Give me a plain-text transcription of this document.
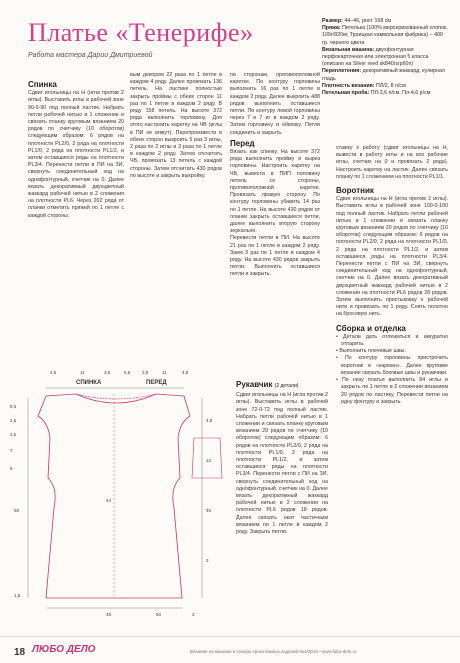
Платье «Тенерифе»
Работа мастера Дарии Дмитриевой
Размер: 44–46, рост 168 см
Пряжа: Петелька (100% мерсеризованный хлопок, 100г/820м; Троицкая камвольная фабрика) – 400 гр. черного цвета
Вязальная машина: двухфонтурная перфокарточная или электронная 5 класса (описано на Silver reed sk840/srp60n)
Переплетения: декоративный жаккард, кулирная гладь
Плотность вязания: ПЛ/2, 8 п/см
Петельная проба: ПЛ-3,6 п/см, Пл-4,6 р/см
Спинка
Сдвиг игольницы на Н (игла против 2 иглы). Выставить иглы в рабочей зоне 90-0-90 под полный ластик. Набрать петли рабочей нитью в 1 сложение и связать планку круговым вязанием 20 рядов по счетчику (10 оборотов) следующим образом: 6 рядов на плотности PL2/0, 2 ряда на плотности PL1/0, 2 ряда на плотности PL1/2, и затем оставшиеся ряды на плотности PL3/4. Перенести петли в ПИ на ЗИ, свернуть соединительный ход на однофонтурный, счетчик на 0. Далее вязать декоративный двухцветный жаккард рабочей нитью в 2 сложения на плотности PL6. Через 202 ряда от планки отметить пряжей по 1 петле с каждой стороны.
вым декором 22 раза по 1 петле в каждом 4 ряду. Далее провязать 136 петель. На ластике полностью закрыть проймы с обеих сторон 11 раз по 1 петле в каждом 2 ряду. В ряду 158 петель. На высоте 372 ряда выполнить горловину. Для этого настроить каретку на ЧВ (иглы в ПИ не вяжут). Перепроизвести в обеих сторон выкроить 5 раз 3 иглы, 2 раза по 2 иглы и 3 раза по 1 петле в каждом 2 ряду. Затем отсчитать ЧВ, провязать 13 петель с каждой стороны. Затем отсчитать 430 рядов по высоте и закрыть выкройку.
по сторонам, противоположной каретке. По контуру горловины выполнить 16 раз по 1 петле в каждом 2 ряду. Далее выкроить 488 рядов выполнить оставшиеся петли. По контуру левой горловины через 7 и 7 иг в каждом 2 ряду. Затем горловину и обвязку. Петли соединить и закрыть.
Перед
Вязать как спинку. На высоте 372 ряда выполнить пройму и вырез горловины. Настроить каретку на ЧВ, вывести в ПИП половину петель со стороны, противоположной каретке. Провязать правую сторону. По контуру горловины убавить 14 раз по 1 петле. На высоте 430 рядов от планки закрыть оставшиеся петли, далее выполнить вторую сторону зеркально.
Перевести петли в ПИ. На высоте 21 раз по 1 петле в каждом 2 ряду. Заем 3 раз по 1 петле в каждом 4 ряду. На высоте 430 рядов закрыть петли. Выполнить оставшиеся петли и закрыть.
Рукавчик (2 детали)
Сдвиг игольницы на Н (игла против 2 иглы). Выставить иглы в рабочей зоне 72-0-72 под полный ластик. Набрать петли рабочей нитью в 1 сложении и связать планку круговым вязанием 20 рядов по счетчику (10 оборотов) следующим образом: 6 рядов на плотности PL2/0, 2 ряда на плотности PL1/0, 2 ряда на плотности PL1/2, и затем оставшиеся ряды на плотности PL3/4. Перенести петли с ПИ на ЗИ, свернуть соединительный ход на однофонтурный, счетчик на 0. Далее вязать декоративный жаккард рабочей нитью в 2 сложении на плотности PL6 рядов 18 рядов. Далее связать окат частичным вязанием по 1 петле в каждом 2 ряду. Закрыть петли.
стажку к работу (сдвиг игольницы на Н, вывести в работу иглы и на все рабочие иглы, счетчик на 0 и провязать 2 ряда). Настроить каретку на ластик. Далее связать планку по 1 сложением на плотности PL1/1.
Воротник
Сдвиг игольницы на Н (игла против 2 иглы). Выставить иглы в рабочей зоне 100-0-100 под полный ластик. Набрать петли рабочей нитью в 1 сложении и связать планку круговым вязанием 20 рядов по счетчику (10 оборотов) следующим образом: 6 рядов на плотности PL2/0, 2 ряда на плотности PL1/0, 2 ряда на плотности PL1/2, и затем оставшиеся ряды на плотности PL3/4. Перенести петли с ПИ на ЗИ, свернуть соединительный ход на однофонтурный, счетчик на 0. Далее вязать декоративный двухцветный жаккард рабочей нитью в 2 сложении на плотности PL6 рядов 28 рядов. Затем выполнить пристыковку к рабочей нити и провязать по 1 ряду. Снять полотно на бросовую нить.
Сборка и отделка
• Детали дать отлежаться и аккуратно отпарить.
• Выполнить плечевые швы.
• По контуру горловины пристрочить воротник в «карман». Далее круговое вязание связать боковые швы и рукавчики.
• По низу платья выполнить 84 иглы и закрыть по 1 петле в 2 сложении вязанием 20 рядов по ластику. Перевести петли на одну фонтуру и закрыть.
СПИНКА	ПЕРЕД
4,5	11	3,5	5,5	3,5	11	4,5
5,5
2,5
1,5
7
6
4,5
12
45
3
44
68
1,5
48	50	3
18 ЛЮБО ДЕЛО	Вязание на машине и спицах-трикотажных изделий №4/2015 • www.lubo-delo.ru
